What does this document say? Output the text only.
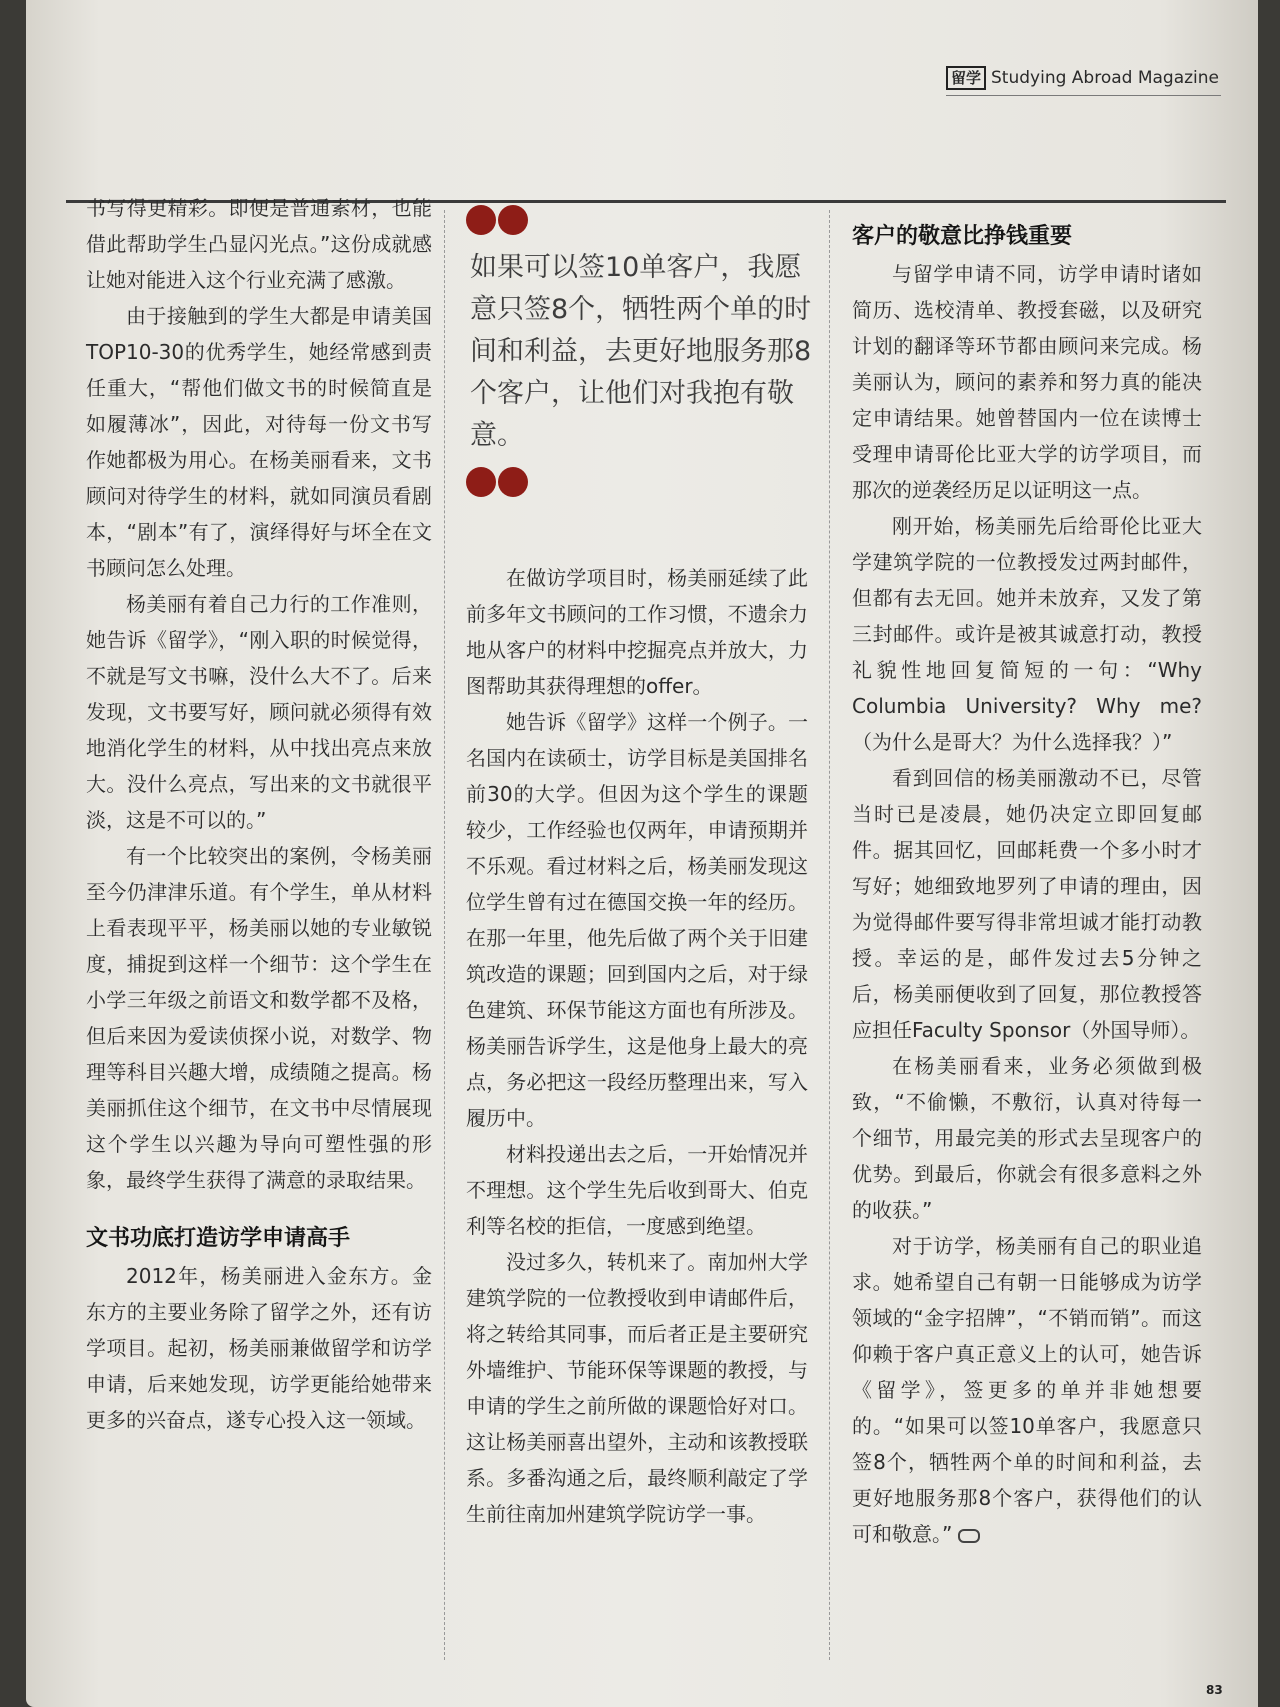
留学 Studying Abroad Magazine

书写得更精彩。即便是普通素材，也能借此帮助学生凸显闪光点。”这份成就感让她对能进入这个行业充满了感激。

由于接触到的学生大都是申请美国TOP10-30的优秀学生，她经常感到责任重大，“帮他们做文书的时候简直是如履薄冰”，因此，对待每一份文书写作她都极为用心。在杨美丽看来，文书顾问对待学生的材料，就如同演员看剧本，“剧本”有了，演绎得好与坏全在文书顾问怎么处理。

杨美丽有着自己力行的工作准则，她告诉《留学》，“刚入职的时候觉得，不就是写文书嘛，没什么大不了。后来发现，文书要写好，顾问就必须得有效地消化学生的材料，从中找出亮点来放大。没什么亮点，写出来的文书就很平淡，这是不可以的。”

有一个比较突出的案例，令杨美丽至今仍津津乐道。有个学生，单从材料上看表现平平，杨美丽以她的专业敏锐度，捕捉到这样一个细节：这个学生在小学三年级之前语文和数学都不及格，但后来因为爱读侦探小说，对数学、物理等科目兴趣大增，成绩随之提高。杨美丽抓住这个细节，在文书中尽情展现这个学生以兴趣为导向可塑性强的形象，最终学生获得了满意的录取结果。

文书功底打造访学申请高手

2012年，杨美丽进入金东方。金东方的主要业务除了留学之外，还有访学项目。起初，杨美丽兼做留学和访学申请，后来她发现，访学更能给她带来更多的兴奋点，遂专心投入这一领域。

如果可以签10单客户，我愿意只签8个，牺牲两个单的时间和利益，去更好地服务那8个客户，让他们对我抱有敬意。

在做访学项目时，杨美丽延续了此前多年文书顾问的工作习惯，不遗余力地从客户的材料中挖掘亮点并放大，力图帮助其获得理想的offer。

她告诉《留学》这样一个例子。一名国内在读硕士，访学目标是美国排名前30的大学。但因为这个学生的课题较少，工作经验也仅两年，申请预期并不乐观。看过材料之后，杨美丽发现这位学生曾有过在德国交换一年的经历。在那一年里，他先后做了两个关于旧建筑改造的课题；回到国内之后，对于绿色建筑、环保节能这方面也有所涉及。杨美丽告诉学生，这是他身上最大的亮点，务必把这一段经历整理出来，写入履历中。

材料投递出去之后，一开始情况并不理想。这个学生先后收到哥大、伯克利等名校的拒信，一度感到绝望。

没过多久，转机来了。南加州大学建筑学院的一位教授收到申请邮件后，将之转给其同事，而后者正是主要研究外墙维护、节能环保等课题的教授，与申请的学生之前所做的课题恰好对口。这让杨美丽喜出望外，主动和该教授联系。多番沟通之后，最终顺利敲定了学生前往南加州建筑学院访学一事。

客户的敬意比挣钱重要

与留学申请不同，访学申请时诸如简历、选校清单、教授套磁，以及研究计划的翻译等环节都由顾问来完成。杨美丽认为，顾问的素养和努力真的能决定申请结果。她曾替国内一位在读博士受理申请哥伦比亚大学的访学项目，而那次的逆袭经历足以证明这一点。

刚开始，杨美丽先后给哥伦比亚大学建筑学院的一位教授发过两封邮件，但都有去无回。她并未放弃，又发了第三封邮件。或许是被其诚意打动，教授礼貌性地回复简短的一句：“Why Columbia University? Why me?（为什么是哥大？为什么选择我？）”

看到回信的杨美丽激动不已，尽管当时已是凌晨，她仍决定立即回复邮件。据其回忆，回邮耗费一个多小时才写好；她细致地罗列了申请的理由，因为觉得邮件要写得非常坦诚才能打动教授。幸运的是，邮件发过去5分钟之后，杨美丽便收到了回复，那位教授答应担任Faculty Sponsor（外国导师）。

在杨美丽看来，业务必须做到极致，“不偷懒，不敷衍，认真对待每一个细节，用最完美的形式去呈现客户的优势。到最后，你就会有很多意料之外的收获。”

对于访学，杨美丽有自己的职业追求。她希望自己有朝一日能够成为访学领域的“金字招牌”，“不销而销”。而这仰赖于客户真正意义上的认可，她告诉《留学》，签更多的单并非她想要的。“如果可以签10单客户，我愿意只签8个，牺牲两个单的时间和利益，去更好地服务那8个客户，获得他们的认可和敬意。”

83
